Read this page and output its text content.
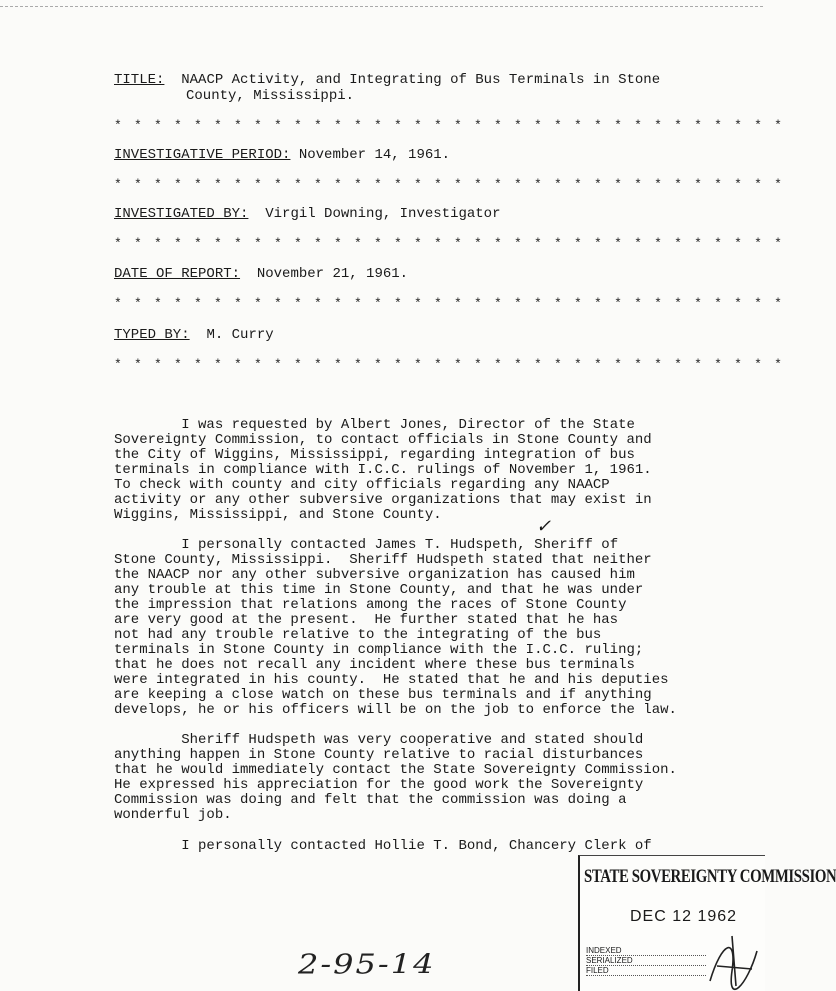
TITLE: NAACP Activity, and Integrating of Bus Terminals in Stone
County, Mississippi.
* * * * * * * * * * * * * * * * * * * * * * * * * * * * * * * * * *
INVESTIGATIVE PERIOD: November 14, 1961.
* * * * * * * * * * * * * * * * * * * * * * * * * * * * * * * * * *
INVESTIGATED BY: Virgil Downing, Investigator
* * * * * * * * * * * * * * * * * * * * * * * * * * * * * * * * * *
DATE OF REPORT: November 21, 1961.
* * * * * * * * * * * * * * * * * * * * * * * * * * * * * * * * * *
TYPED BY: M. Curry
* * * * * * * * * * * * * * * * * * * * * * * * * * * * * * * * * *
I was requested by Albert Jones, Director of the State
Sovereignty Commission, to contact officials in Stone County and
the City of Wiggins, Mississippi, regarding integration of bus
terminals in compliance with I.C.C. rulings of November 1, 1961.
To check with county and city officials regarding any NAACP
activity or any other subversive organizations that may exist in
Wiggins, Mississippi, and Stone County.
✓
I personally contacted James T. Hudspeth, Sheriff of
Stone County, Mississippi.  Sheriff Hudspeth stated that neither
the NAACP nor any other subversive organization has caused him
any trouble at this time in Stone County, and that he was under
the impression that relations among the races of Stone County
are very good at the present.  He further stated that he has
not had any trouble relative to the integrating of the bus
terminals in Stone County in compliance with the I.C.C. ruling;
that he does not recall any incident where these bus terminals
were integrated in his county.  He stated that he and his deputies
are keeping a close watch on these bus terminals and if anything
develops, he or his officers will be on the job to enforce the law.
Sheriff Hudspeth was very cooperative and stated should
anything happen in Stone County relative to racial disturbances
that he would immediately contact the State Sovereignty Commission.
He expressed his appreciation for the good work the Sovereignty
Commission was doing and felt that the commission was doing a
wonderful job.
I personally contacted Hollie T. Bond, Chancery Clerk of
STATE SOVEREIGNTY COMMISSION
DEC 12 1962
INDEXED
SERIALIZED
FILED
2-95-14
